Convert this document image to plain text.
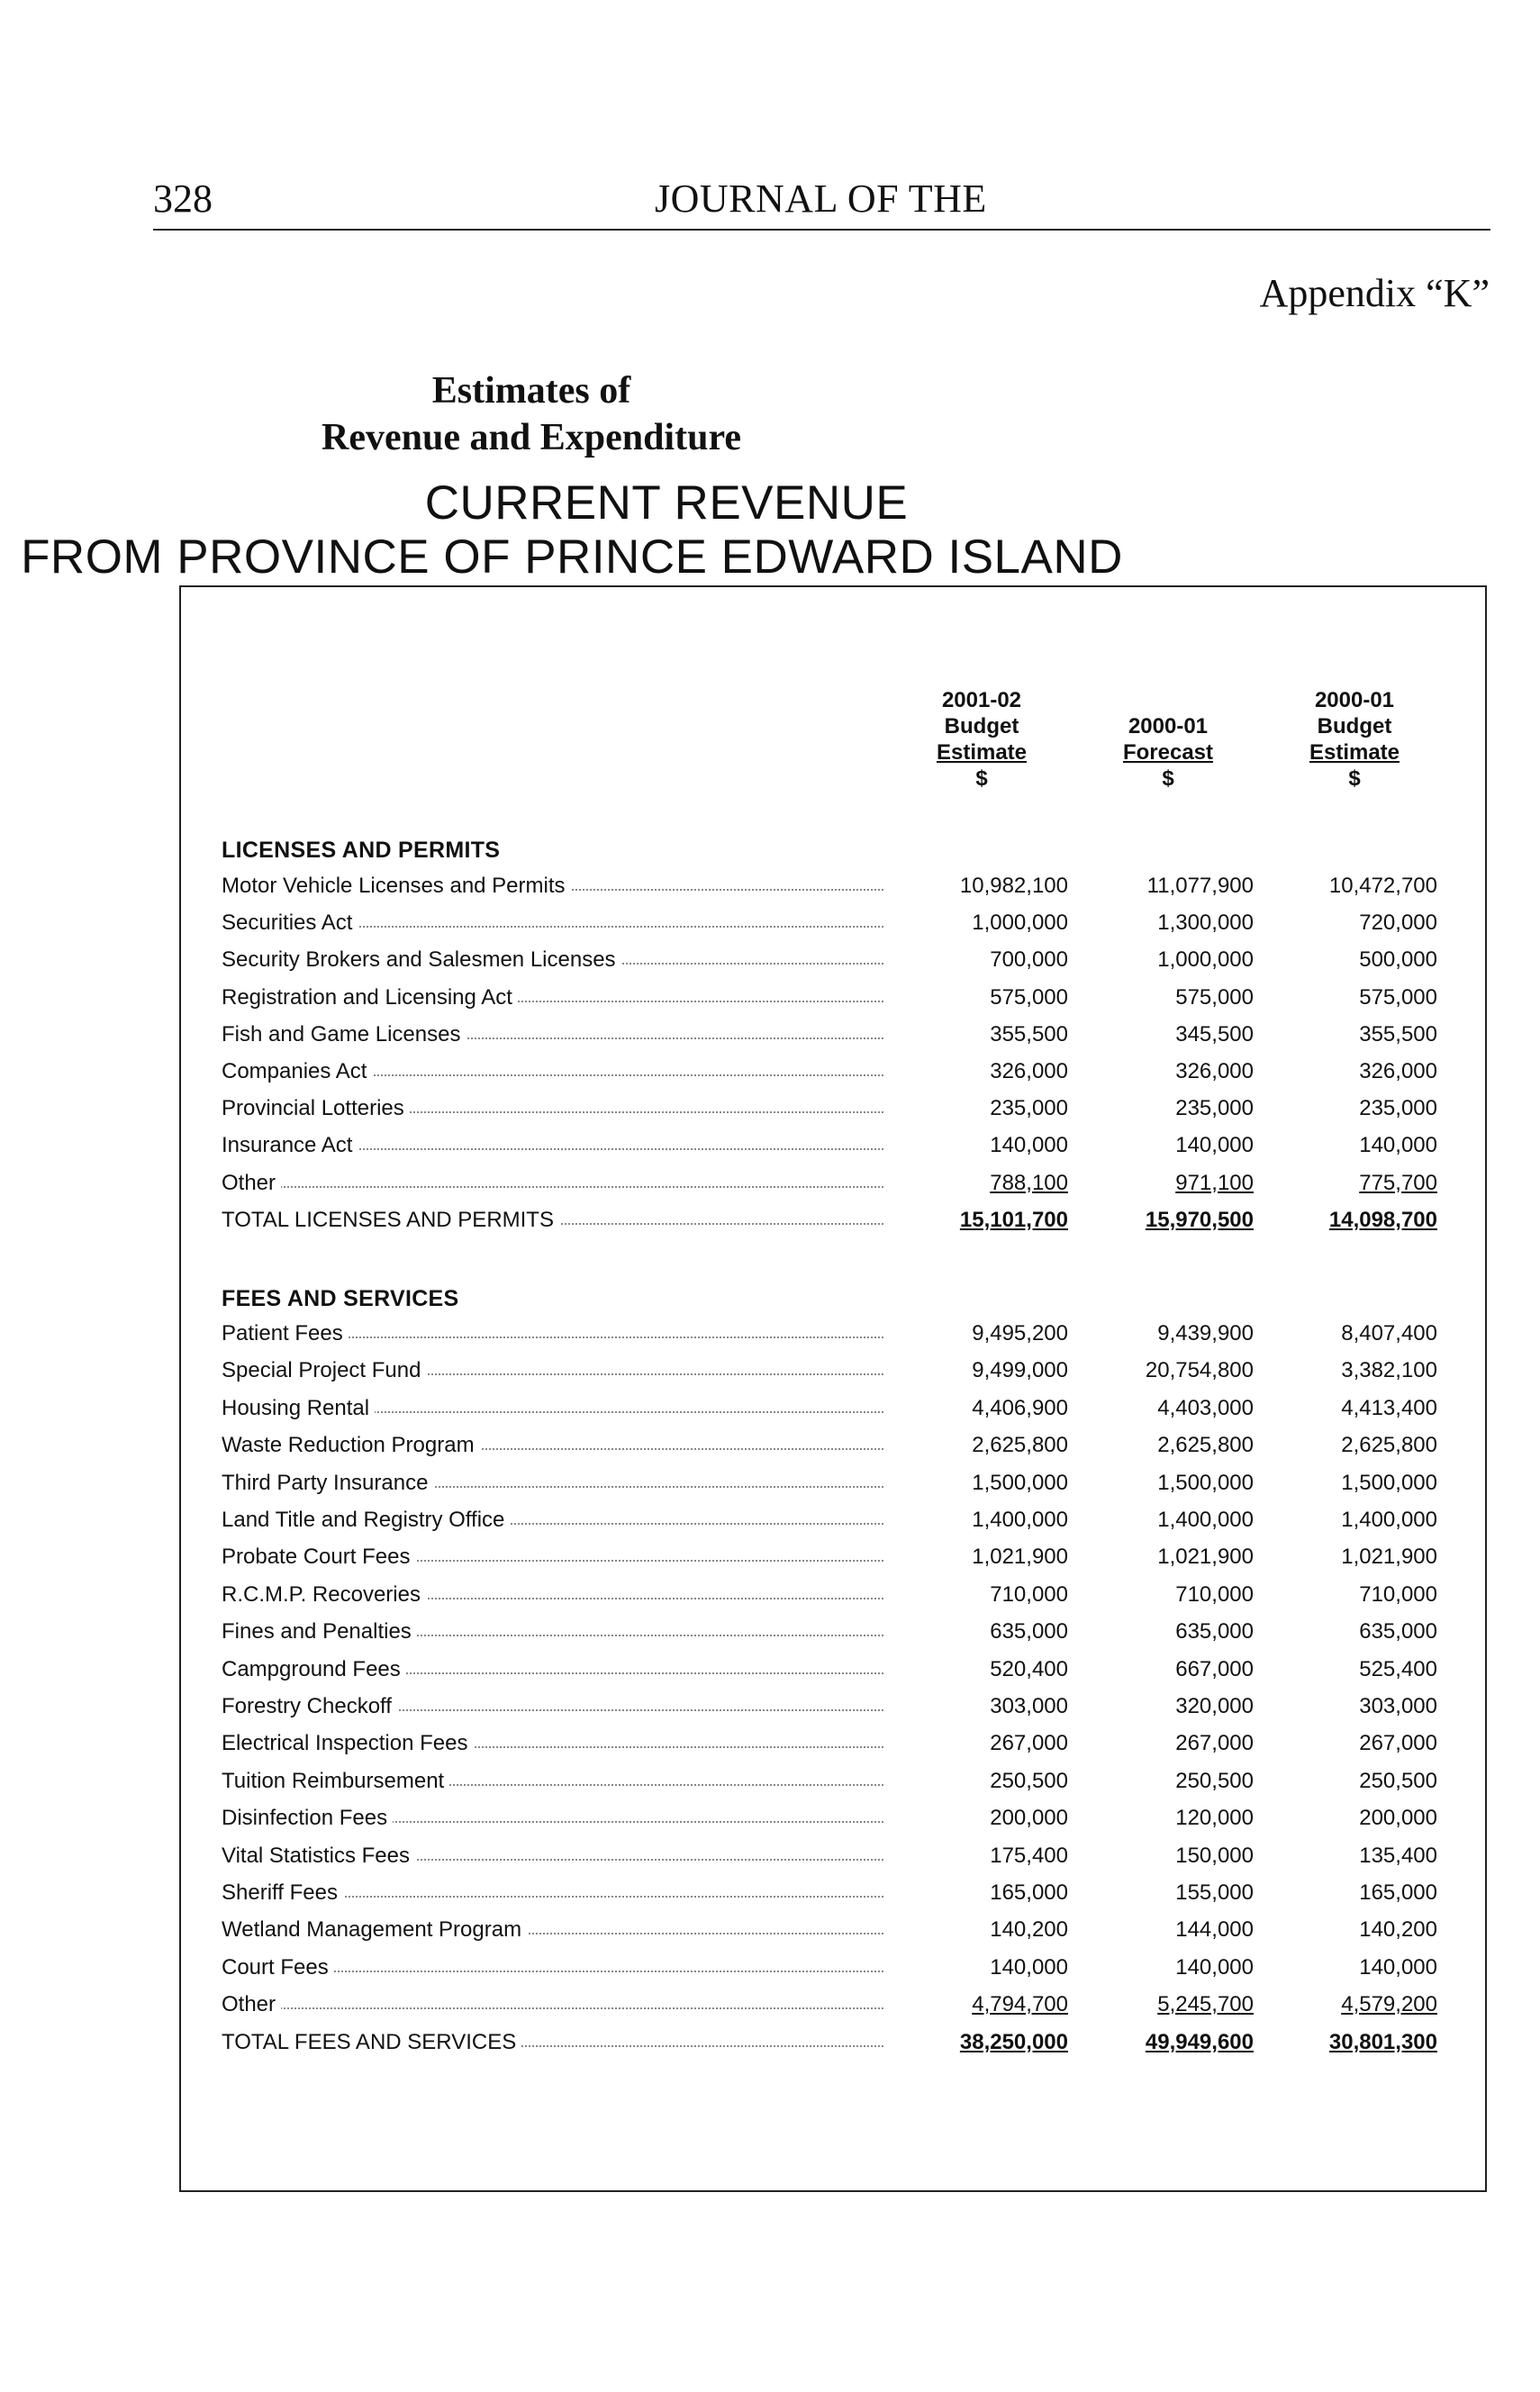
328	JOURNAL OF THE
Appendix “K”
Estimates of
Revenue and Expenditure
CURRENT REVENUE
FROM PROVINCE OF PRINCE EDWARD ISLAND
2001-02
Budget
Estimate
$
2000-01
Forecast
$
2000-01
Budget
Estimate
$
LICENSES AND PERMITS
Motor Vehicle Licenses and Permits	10,982,100	11,077,900	10,472,700
Securities Act	1,000,000	1,300,000	720,000
Security Brokers and Salesmen Licenses	700,000	1,000,000	500,000
Registration and Licensing Act	575,000	575,000	575,000
Fish and Game Licenses	355,500	345,500	355,500
Companies Act	326,000	326,000	326,000
Provincial Lotteries	235,000	235,000	235,000
Insurance Act	140,000	140,000	140,000
Other	788,100	971,100	775,700
TOTAL LICENSES AND PERMITS	15,101,700	15,970,500	14,098,700
FEES AND SERVICES
Patient Fees	9,495,200	9,439,900	8,407,400
Special Project Fund	9,499,000	20,754,800	3,382,100
Housing Rental	4,406,900	4,403,000	4,413,400
Waste Reduction Program	2,625,800	2,625,800	2,625,800
Third Party Insurance	1,500,000	1,500,000	1,500,000
Land Title and Registry Office	1,400,000	1,400,000	1,400,000
Probate Court Fees	1,021,900	1,021,900	1,021,900
R.C.M.P. Recoveries	710,000	710,000	710,000
Fines and Penalties	635,000	635,000	635,000
Campground Fees	520,400	667,000	525,400
Forestry Checkoff	303,000	320,000	303,000
Electrical Inspection Fees	267,000	267,000	267,000
Tuition Reimbursement	250,500	250,500	250,500
Disinfection Fees	200,000	120,000	200,000
Vital Statistics Fees	175,400	150,000	135,400
Sheriff Fees	165,000	155,000	165,000
Wetland Management Program	140,200	144,000	140,200
Court Fees	140,000	140,000	140,000
Other	4,794,700	5,245,700	4,579,200
TOTAL FEES AND SERVICES	38,250,000	49,949,600	30,801,300
